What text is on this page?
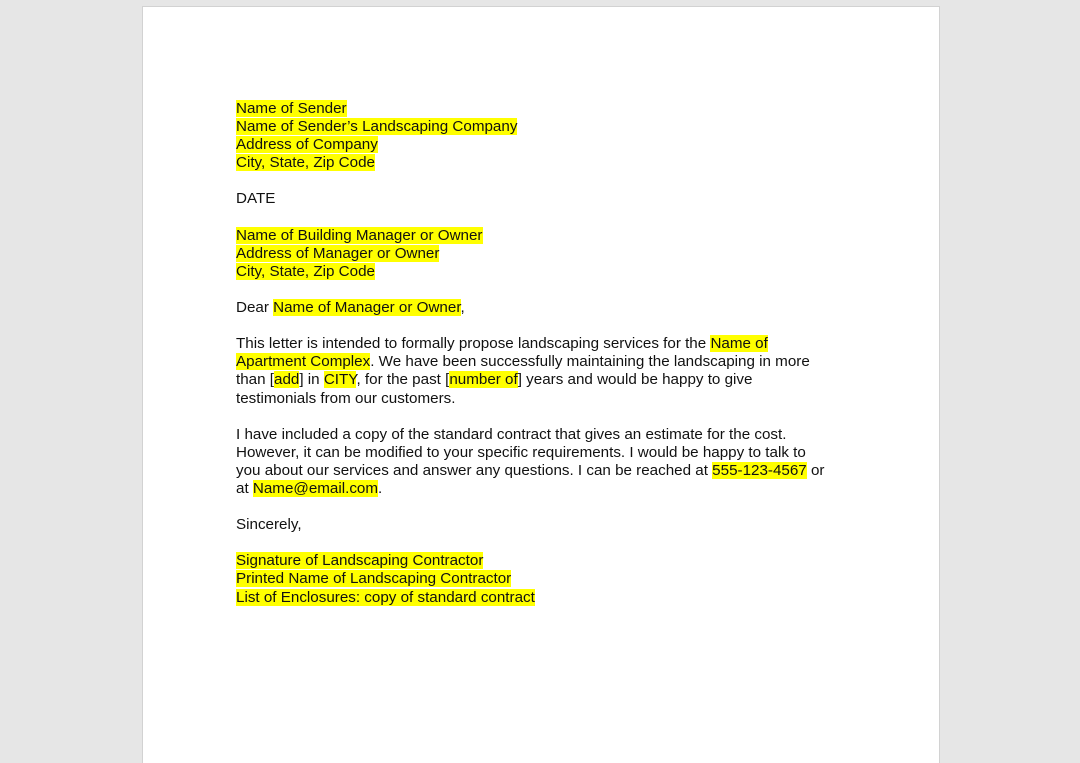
Name of Sender
Name of Sender’s Landscaping Company
Address of Company
City, State, Zip Code
DATE
Name of Building Manager or Owner
Address of Manager or Owner
City, State, Zip Code
Dear Name of Manager or Owner,
This letter is intended to formally propose landscaping services for the Name of
Apartment Complex. We have been successfully maintaining the landscaping in more
than [add] in CITY, for the past [number of] years and would be happy to give
testimonials from our customers.
I have included a copy of the standard contract that gives an estimate for the cost.
However, it can be modified to your specific requirements. I would be happy to talk to
you about our services and answer any questions. I can be reached at 555-123-4567 or
at Name@email.com.
Sincerely,
Signature of Landscaping Contractor
Printed Name of Landscaping Contractor
List of Enclosures: copy of standard contract
